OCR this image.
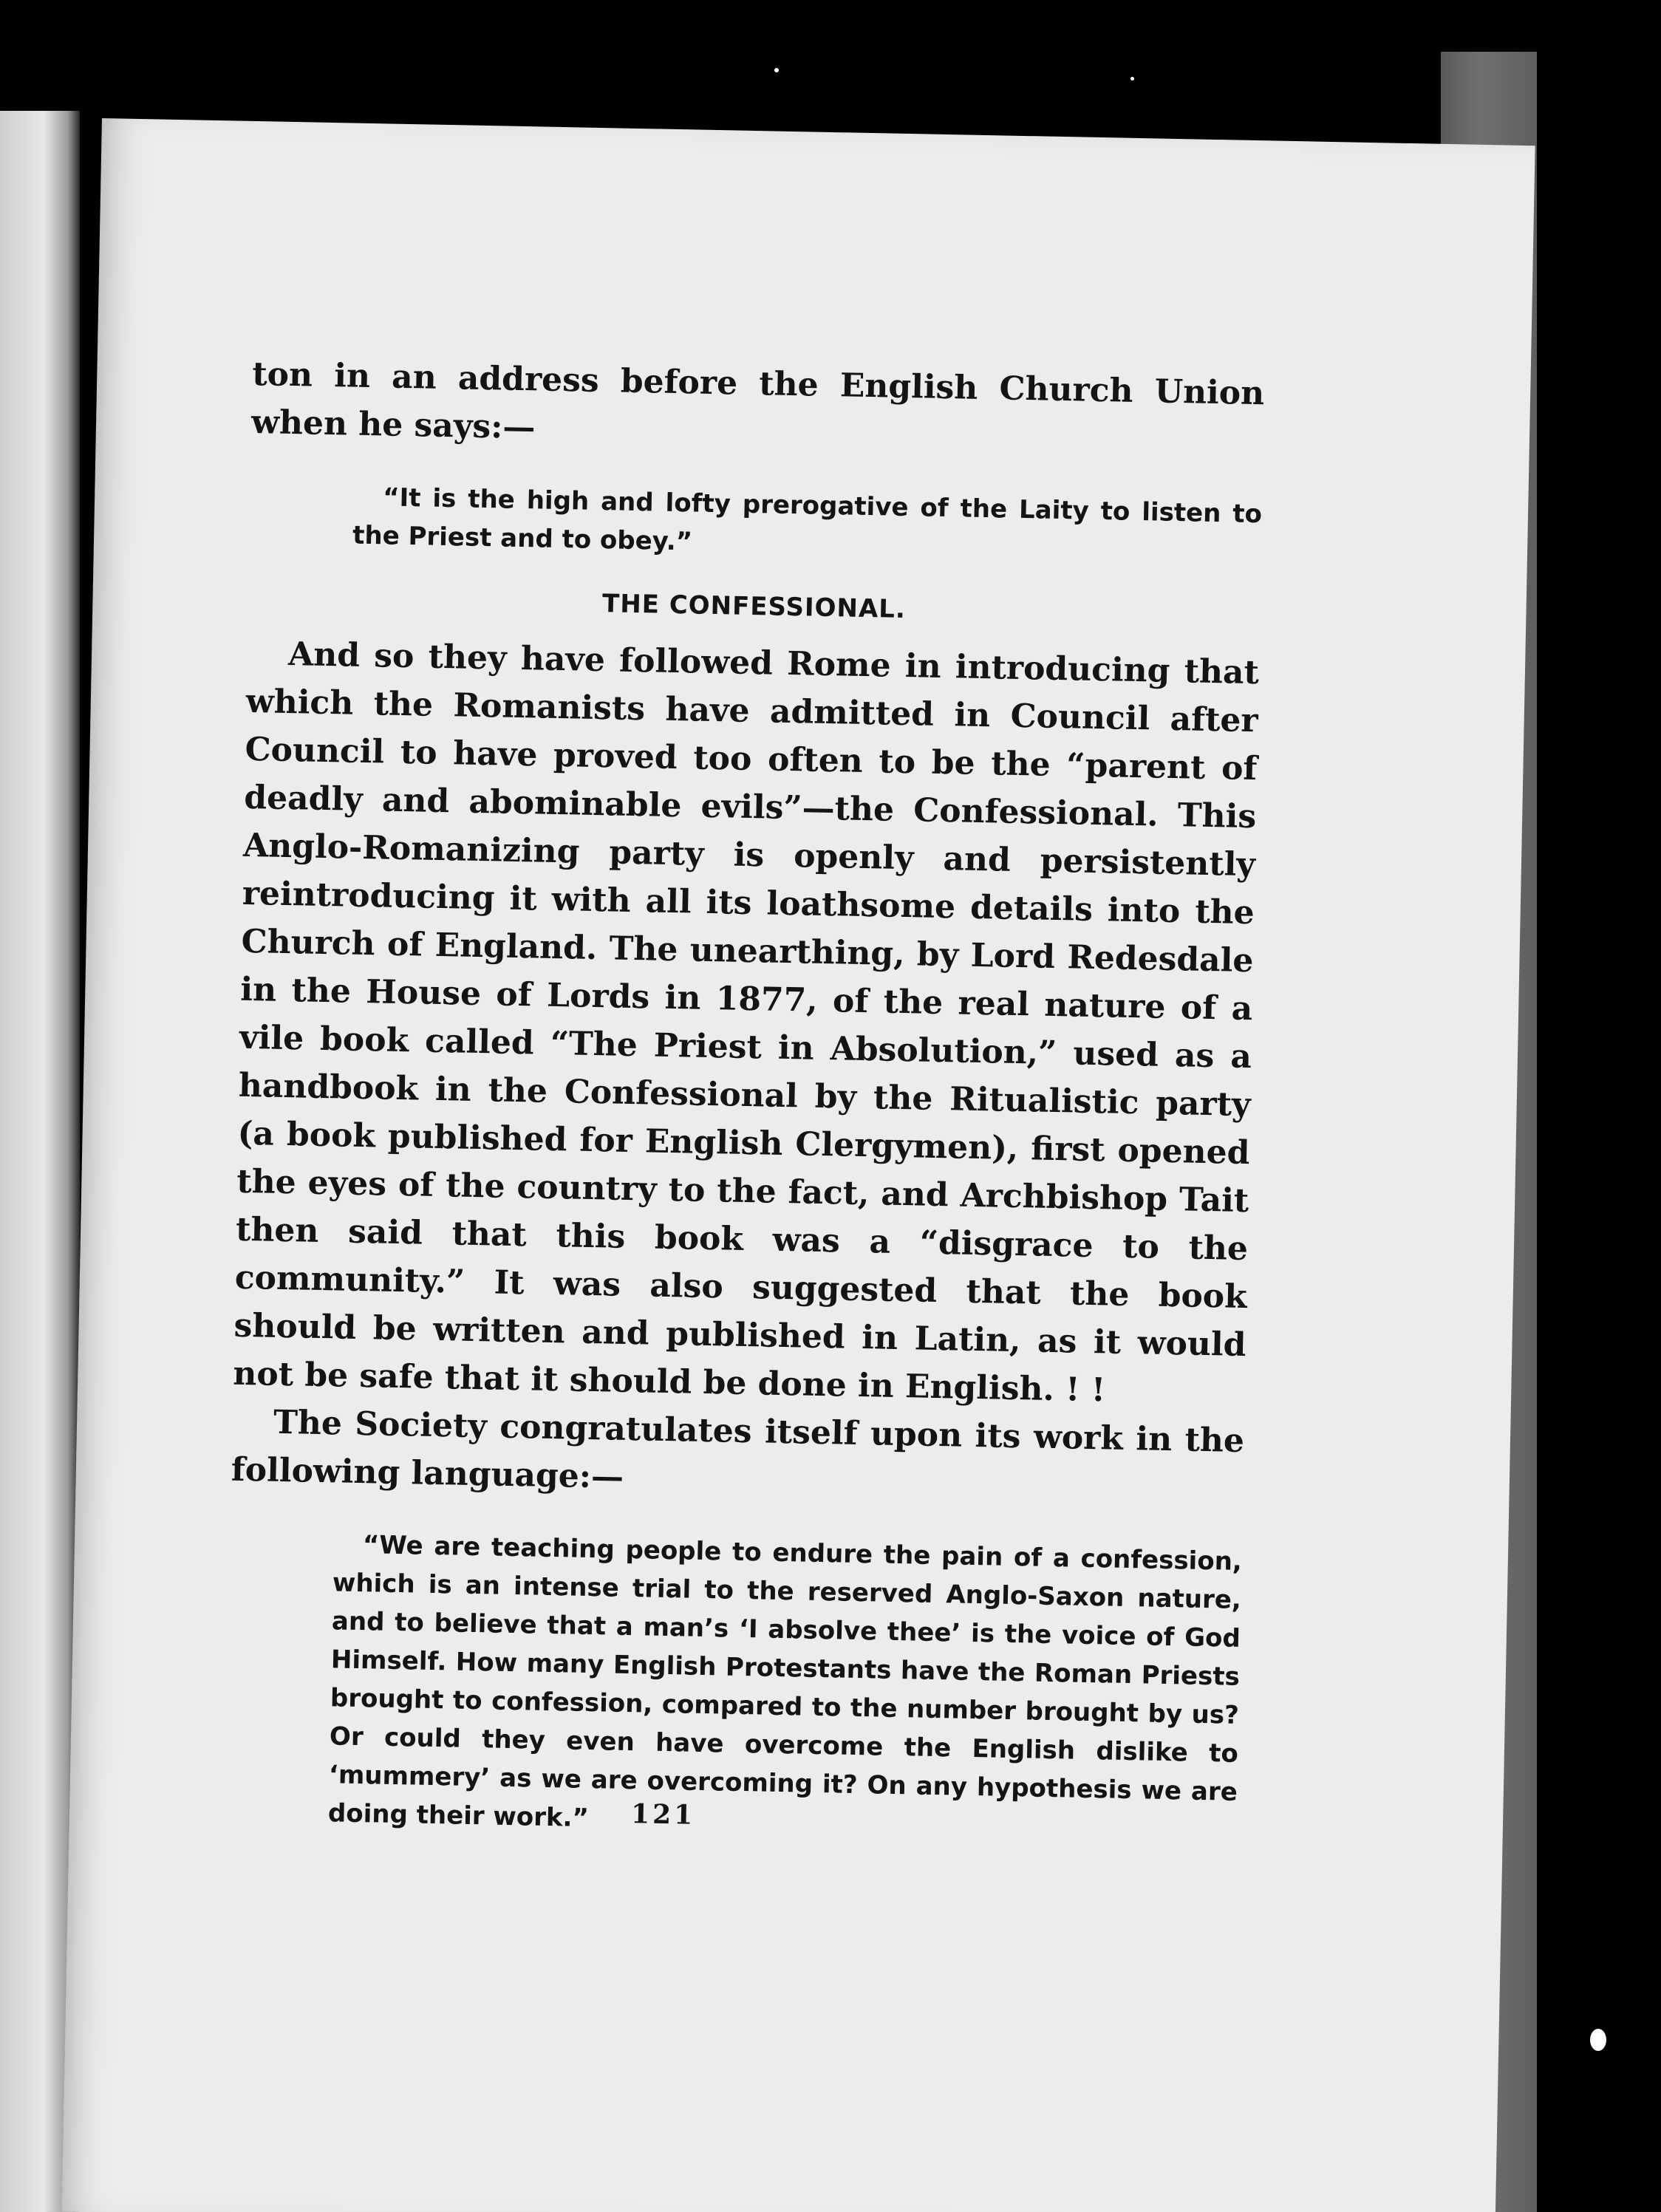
ton in an address before the English Church Union when he says:—

“It is the high and lofty prerogative of the Laity to listen to the Priest and to obey.”

THE CONFESSIONAL.

And so they have followed Rome in introducing that which the Romanists have admitted in Council after Council to have proved too often to be the “parent of deadly and abominable evils”—the Confessional. This Anglo-Romanizing party is openly and persistently reintroducing it with all its loathsome details into the Church of England. The unearthing, by Lord Redesdale in the House of Lords in 1877, of the real nature of a vile book called “The Priest in Absolution,” used as a handbook in the Confessional by the Ritualistic party (a book published for English Clergymen), first opened the eyes of the country to the fact, and Archbishop Tait then said that this book was a “disgrace to the community.” It was also suggested that the book should be written and published in Latin, as it would not be safe that it should be done in English. ! !

The Society congratulates itself upon its work in the following language:—

“We are teaching people to endure the pain of a confession, which is an intense trial to the reserved Anglo-Saxon nature, and to believe that a man’s ‘I absolve thee’ is the voice of God Himself. How many English Protestants have the Roman Priests brought to confession, compared to the number brought by us? Or could they even have overcome the English dislike to ‘mummery’ as we are overcoming it? On any hypothesis we are doing their work.”	121
